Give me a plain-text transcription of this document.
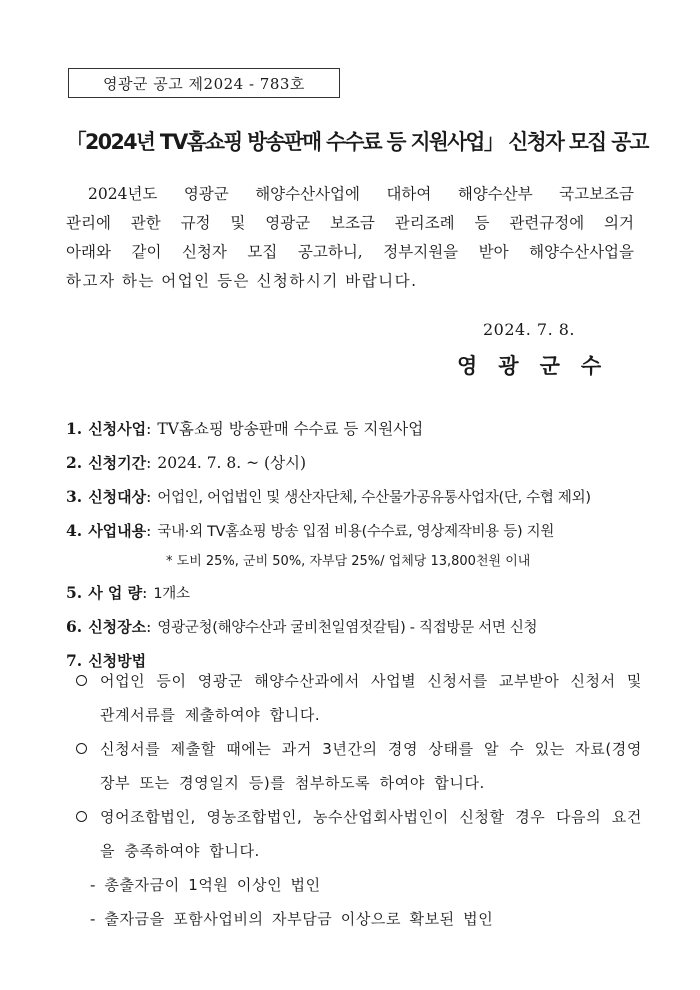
영광군 공고 제2024 - 783호
「2024년 TV홈쇼핑 방송판매 수수료 등 지원사업」 신청자 모집 공고
2024년도 영광군 해양수산사업에 대하여 해양수산부 국고보조금
관리에 관한 규정 및 영광군 보조금 관리조례 등 관련규정에 의거
아래와 같이 신청자 모집 공고하니, 정부지원을 받아 해양수산사업을
하고자 하는 어업인 등은 신청하시기 바랍니다.
2024. 7. 8.
영광군수
1. 신청사업: TV홈쇼핑 방송판매 수수료 등 지원사업
2. 신청기간: 2024. 7. 8. ~ (상시)
3. 신청대상: 어업인, 어업법인 및 생산자단체, 수산물가공유통사업자(단, 수협 제외)
4. 사업내용: 국내·외 TV홈쇼핑 방송 입점 비용(수수료, 영상제작비용 등) 지원
* 도비 25%, 군비 50%, 자부담 25%/ 업체당 13,800천원 이내
5. 사 업 량: 1개소
6. 신청장소: 영광군청(해양수산과 굴비천일염젓갈팀) - 직접방문 서면 신청
7. 신청방법
어업인 등이 영광군 해양수산과에서 사업별 신청서를 교부받아 신청서 및 관계서류를 제출하여야 합니다.
신청서를 제출할 때에는 과거 3년간의 경영 상태를 알 수 있는 자료(경영 장부 또는 경영일지 등)를 첨부하도록 하여야 합니다.
영어조합법인, 영농조합법인, 농수산업회사법인이 신청할 경우 다음의 요건을 충족하여야 합니다.
- 총출자금이 1억원 이상인 법인
- 출자금을 포함사업비의 자부담금 이상으로 확보된 법인
